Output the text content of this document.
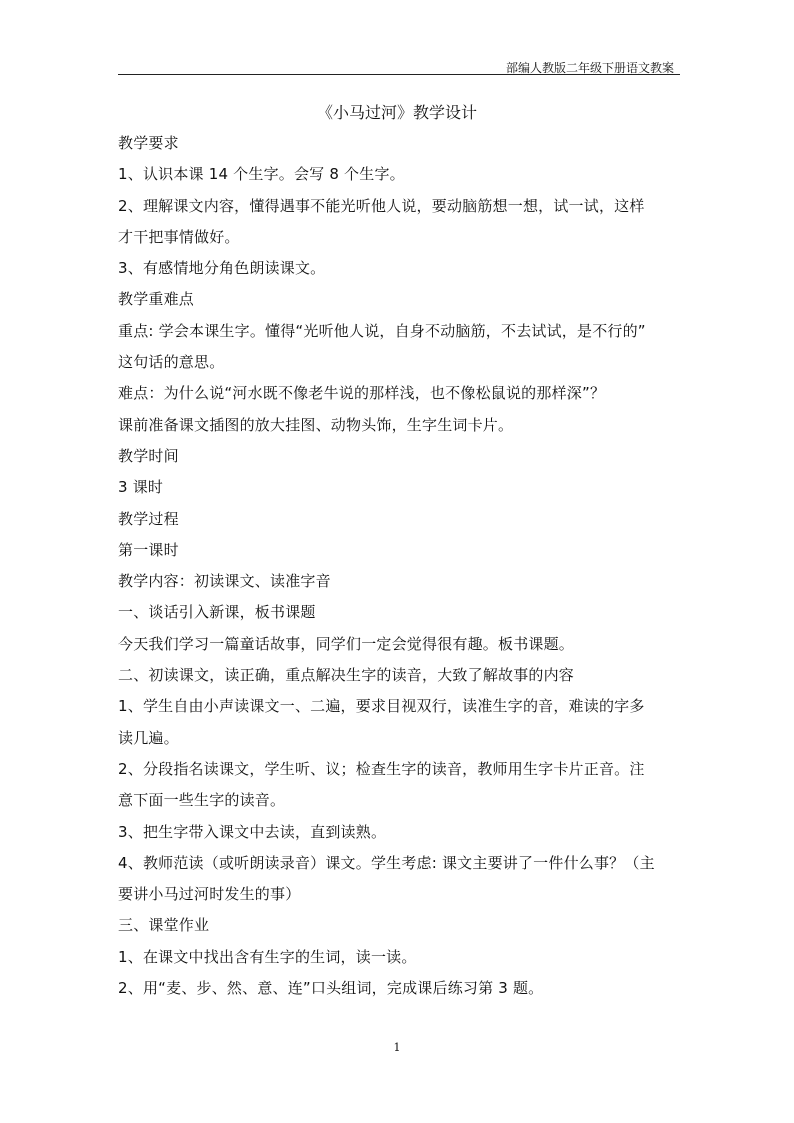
部编人教版二年级下册语文教案
《小马过河》教学设计
教学要求
1、认识本课 14 个生字。会写 8 个生字。
2、理解课文内容，懂得遇事不能光听他人说，要动脑筋想一想，试一试，这样
才干把事情做好。
3、有感情地分角色朗读课文。
教学重难点
重点: 学会本课生字。懂得“光听他人说，自身不动脑筋，不去试试，是不行的”
这句话的意思。
难点：为什么说“河水既不像老牛说的那样浅，也不像松鼠说的那样深”？
课前准备课文插图的放大挂图、动物头饰，生字生词卡片。
教学时间
3 课时
教学过程
第一课时
教学内容：初读课文、读准字音
一、谈话引入新课，板书课题
今天我们学习一篇童话故事，同学们一定会觉得很有趣。板书课题。
二、初读课文，读正确，重点解决生字的读音，大致了解故事的内容
1、学生自由小声读课文一、二遍，要求目视双行，读准生字的音，难读的字多
读几遍。
2、分段指名读课文，学生听、议；检查生字的读音，教师用生字卡片正音。注
意下面一些生字的读音。
3、把生字带入课文中去读，直到读熟。
4、教师范读（或听朗读录音）课文。学生考虑: 课文主要讲了一件什么事？（主
要讲小马过河时发生的事）
三、课堂作业
1、在课文中找出含有生字的生词，读一读。
2、用“麦、步、然、意、连”口头组词，完成课后练习第 3 题。
1
